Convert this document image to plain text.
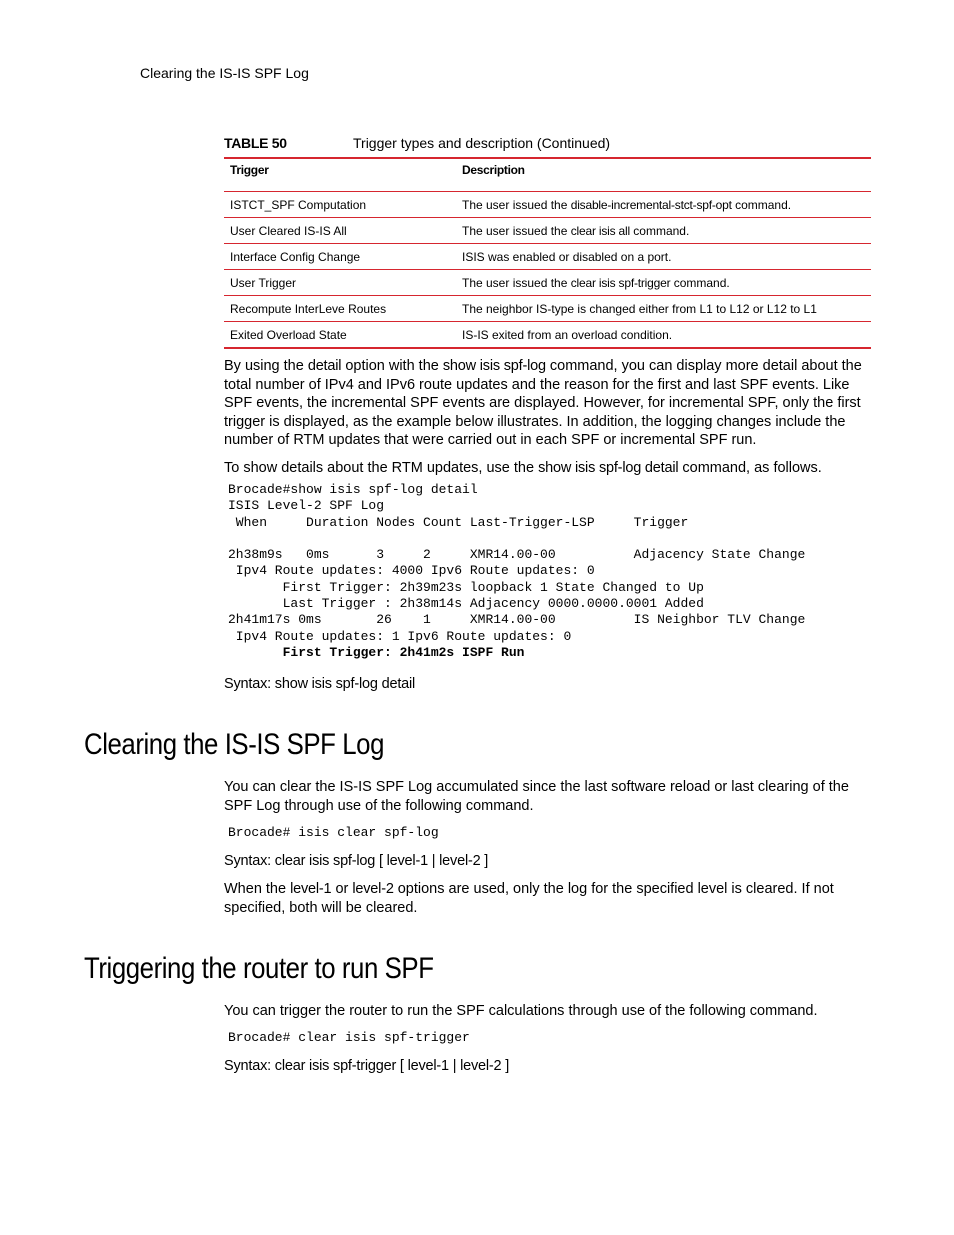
Clearing the IS-IS SPF Log
TABLE 50	Trigger types and description (Continued)
Trigger	Description
ISTCT_SPF Computation	The user issued the disable-incremental-stct-spf-opt command.
User Cleared IS-IS All	The user issued the clear isis all command.
Interface Config Change	ISIS was enabled or disabled on a port.
User Trigger	The user issued the clear isis spf-trigger command.
Recompute InterLeve Routes	The neighbor IS-type is changed either from L1 to L12 or L12 to L1
Exited Overload State	IS-IS exited from an overload condition.
By using the detail option with the show isis spf-log command, you can display more detail about the total number of IPv4 and IPv6 route updates and the reason for the first and last SPF events. Like SPF events, the incremental SPF events are displayed. However, for incremental SPF, only the first trigger is displayed, as the example below illustrates. In addition, the logging changes include the number of RTM updates that were carried out in each SPF or incremental SPF run.
To show details about the RTM updates, use the show isis spf-log detail command, as follows.
Brocade#show isis spf-log detail
ISIS Level-2 SPF Log
When     Duration Nodes Count Last-Trigger-LSP     Trigger

2h38m9s   0ms      3     2     XMR14.00-00          Adjacency State Change
Ipv4 Route updates: 4000 Ipv6 Route updates: 0
First Trigger: 2h39m23s loopback 1 State Changed to Up
Last Trigger : 2h38m14s Adjacency 0000.0000.0001 Added
2h41m17s 0ms       26    1     XMR14.00-00          IS Neighbor TLV Change
Ipv4 Route updates: 1 Ipv6 Route updates: 0
First Trigger: 2h41m2s ISPF Run
Syntax: show isis spf-log detail
Clearing the IS-IS SPF Log
You can clear the IS-IS SPF Log accumulated since the last software reload or last clearing of the SPF Log through use of the following command.
Brocade# isis clear spf-log
Syntax: clear isis spf-log [ level-1 | level-2 ]
When the level-1 or level-2 options are used, only the log for the specified level is cleared. If not specified, both will be cleared.
Triggering the router to run SPF
You can trigger the router to run the SPF calculations through use of the following command.
Brocade# clear isis spf-trigger
Syntax: clear isis spf-trigger [ level-1 | level-2 ]
